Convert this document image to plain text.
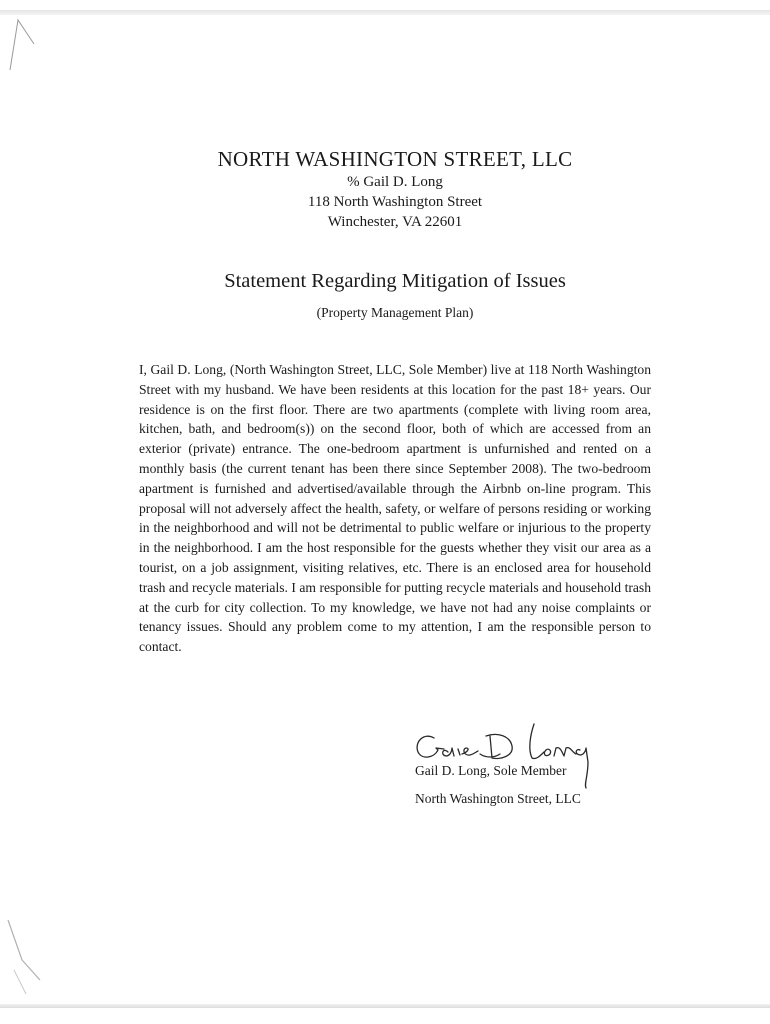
NORTH WASHINGTON STREET, LLC

% Gail D. Long

118 North Washington Street

Winchester, VA 22601

Statement Regarding Mitigation of Issues

(Property Management Plan)

I, Gail D. Long, (North Washington Street, LLC, Sole Member) live at 118 North Washington Street with my husband. We have been residents at this location for the past 18+ years. Our residence is on the first floor. There are two apartments (complete with living room area, kitchen, bath, and bedroom(s)) on the second floor, both of which are accessed from an exterior (private) entrance. The one-bedroom apartment is unfurnished and rented on a monthly basis (the current tenant has been there since September 2008). The two-bedroom apartment is furnished and advertised/available through the Airbnb on-line program. This proposal will not adversely affect the health, safety, or welfare of persons residing or working in the neighborhood and will not be detrimental to public welfare or injurious to the property in the neighborhood. I am the host responsible for the guests whether they visit our area as a tourist, on a job assignment, visiting relatives, etc. There is an enclosed area for household trash and recycle materials. I am responsible for putting recycle materials and household trash at the curb for city collection. To my knowledge, we have not had any noise complaints or tenancy issues. Should any problem come to my attention, I am the responsible person to contact.

Gail D. Long, Sole Member

North Washington Street, LLC
